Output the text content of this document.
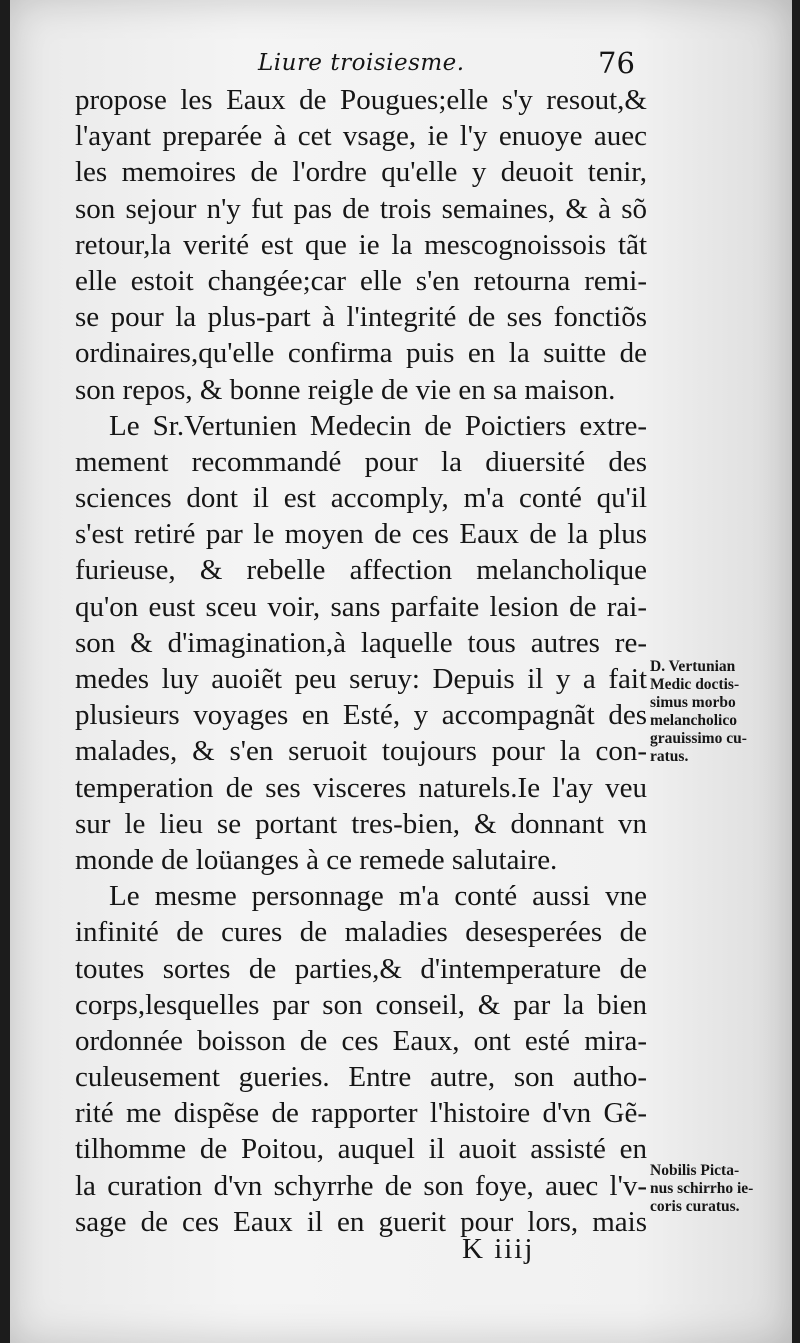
Liure troisiesme.	76
propose les Eaux de Pougues;elle s'y resout,&
l'ayant preparée à cet vsage, ie l'y enuoye auec
les memoires de l'ordre qu'elle y deuoit tenir,
son sejour n'y fut pas de trois semaines, & à sõ
retour,la verité est que ie la mescognoissois tãt
elle estoit changée;car elle s'en retourna remi-
se pour la plus-part à l'integrité de ses fonctiõs
ordinaires,qu'elle confirma puis en la suitte de
son repos, & bonne reigle de vie en sa maison.
Le Sr.Vertunien Medecin de Poictiers extre-
mement recommandé pour la diuersité des
sciences dont il est accomply, m'a conté qu'il
s'est retiré par le moyen de ces Eaux de la plus
furieuse, & rebelle affection melancholique
qu'on eust sceu voir, sans parfaite lesion de rai-
son & d'imagination,à laquelle tous autres re-
medes luy auoiẽt peu seruy: Depuis il y a fait
plusieurs voyages en Esté, y accompagnãt des
malades, & s'en seruoit toujours pour la con-
temperation de ses visceres naturels.Ie l'ay veu
sur le lieu se portant tres-bien, & donnant vn
monde de loüanges à ce remede salutaire.
Le mesme personnage m'a conté aussi vne
infinité de cures de maladies desesperées de
toutes sortes de parties,& d'intemperature de
corps,lesquelles par son conseil, & par la bien
ordonnée boisson de ces Eaux, ont esté mira-
culeusement gueries. Entre autre, son autho-
rité me dispẽse de rapporter l'histoire d'vn Gẽ-
tilhomme de Poitou, auquel il auoit assisté en
la curation d'vn schyrrhe de son foye, auec l'v-
sage de ces Eaux il en guerit pour lors, mais
D. Vertunian
Medic doctis-
simus morbo
melancholico
grauissimo cu-
ratus.
Nobilis Picta-
nus schirrho ie-
coris curatus.
K iiij
